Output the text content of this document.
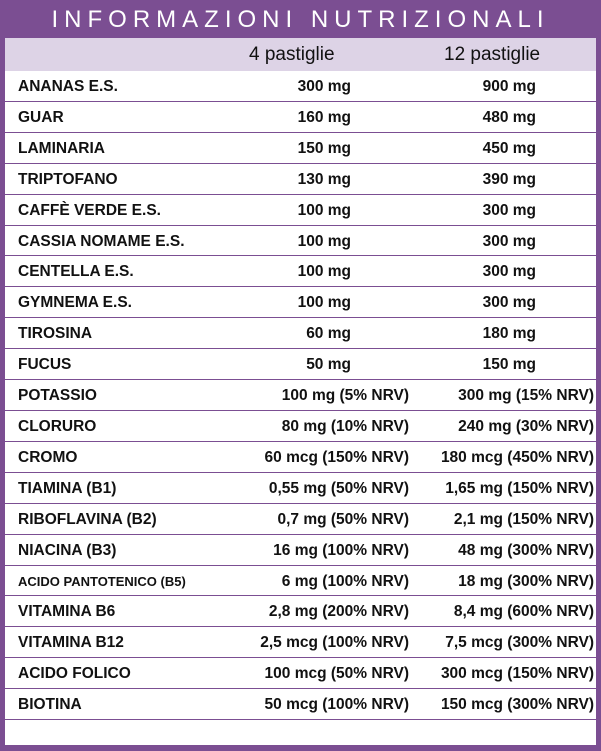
INFORMAZIONI NUTRIZIONALI
4 pastiglie	12 pastiglie
ANANAS E.S.	300 mg	900 mg
GUAR	160 mg	480 mg
LAMINARIA	150 mg	450 mg
TRIPTOFANO	130 mg	390 mg
CAFFÈ VERDE E.S.	100 mg	300 mg
CASSIA NOMAME E.S.	100 mg	300 mg
CENTELLA E.S.	100 mg	300 mg
GYMNEMA E.S.	100 mg	300 mg
TIROSINA	60 mg	180 mg
FUCUS	50 mg	150 mg
POTASSIO	100 mg (5% NRV)	300 mg (15% NRV)
CLORURO	80 mg (10% NRV)	240 mg (30% NRV)
CROMO	60 mcg (150% NRV) 180 mcg (450% NRV)
TIAMINA (B1)	0,55 mg (50% NRV) 1,65 mg (150% NRV)
RIBOFLAVINA (B2)	0,7 mg (50% NRV)	2,1 mg (150% NRV)
NIACINA (B3)	16 mg (100% NRV)	48 mg (300% NRV)
ACIDO PANTOTENICO (B5)	6 mg (100% NRV)	18 mg (300% NRV)
VITAMINA B6	2,8 mg (200% NRV)	8,4 mg (600% NRV)
VITAMINA B12	2,5 mcg (100% NRV) 7,5 mcg (300% NRV)
ACIDO FOLICO	100 mcg (50% NRV) 300 mcg (150% NRV)
BIOTINA	50 mcg (100% NRV) 150 mcg (300% NRV)
